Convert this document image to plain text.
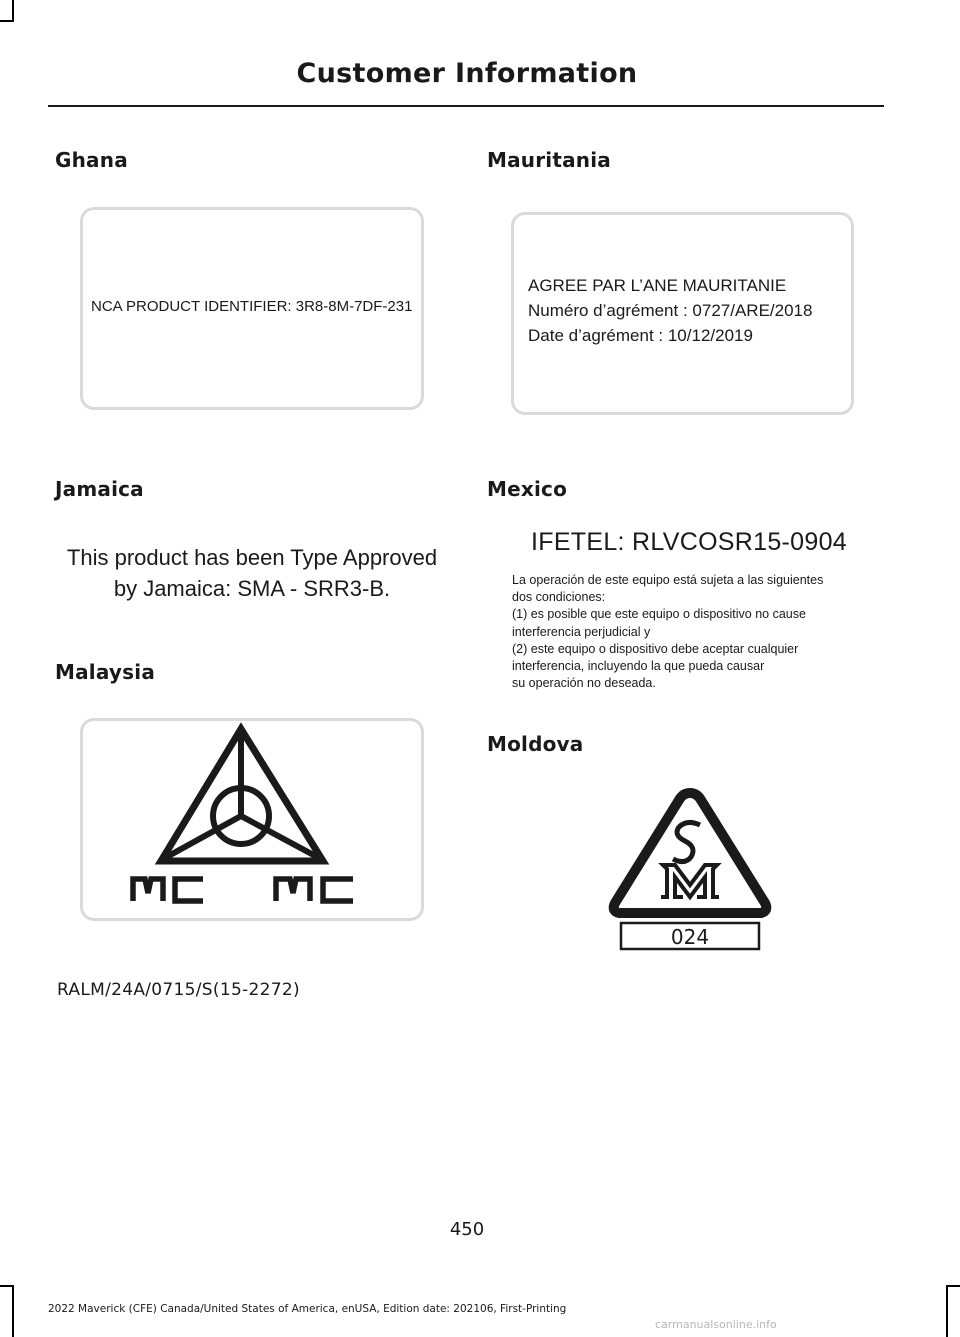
Customer Information
Ghana
NCA PRODUCT IDENTIFIER: 3R8-8M-7DF-231
Mauritania
AGREE PAR L’ANE MAURITANIE
Numéro d’agrément : 0727/ARE/2018
Date d’agrément : 10/12/2019
Jamaica
This product has been Type Approved
by Jamaica: SMA - SRR3-B.
Mexico
IFETEL: RLVCOSR15-0904
La operación de este equipo está sujeta a las siguientes
dos condiciones:
(1) es posible que este equipo o dispositivo no cause
interferencia perjudicial y
(2) este equipo o dispositivo debe aceptar cualquier
interferencia, incluyendo la que pueda causar
su operación no deseada.
Malaysia
MCMC
RALM/24A/0715/S(15-2272)
Moldova
024
450
2022 Maverick (CFE) Canada/United States of America, enUSA, Edition date: 202106, First-Printing
carmanualsonline.info
